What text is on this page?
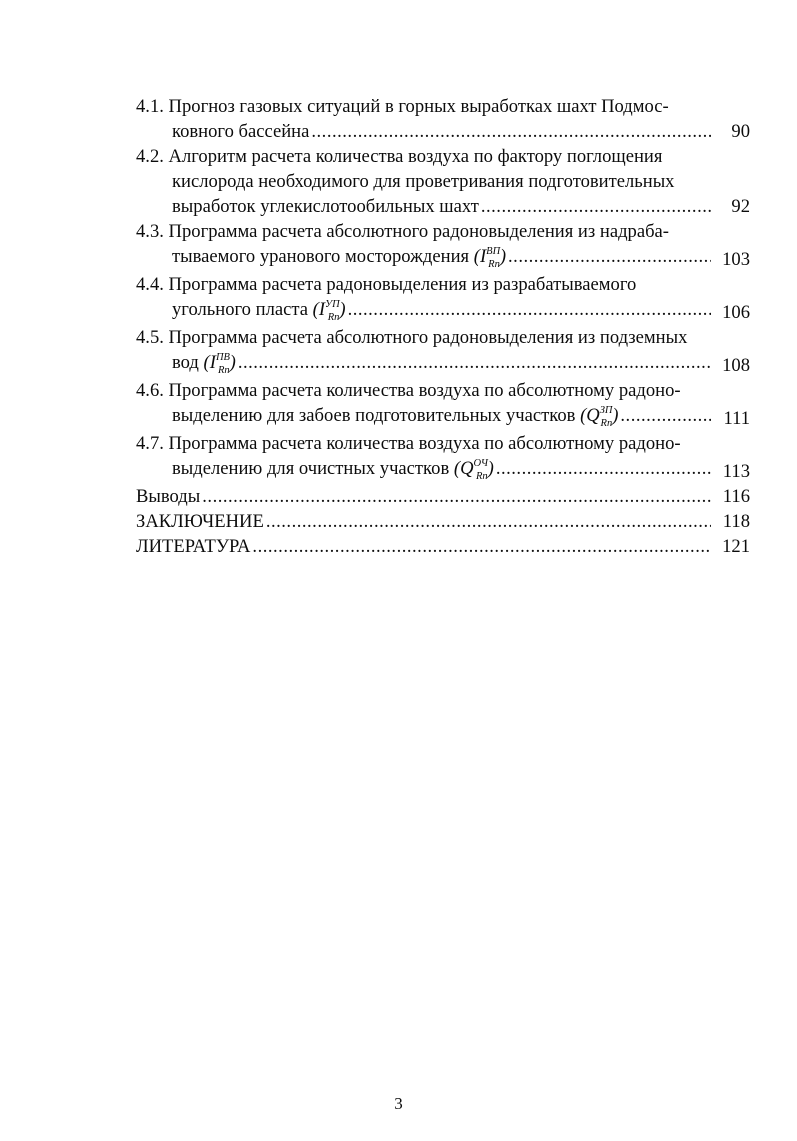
4.1. Прогноз газовых ситуаций в горных выработках шахт Подмос-
ковного бассейна .....	90
4.2. Алгоритм расчета количества воздуха по фактору поглощения
кислорода необходимого для проветривания подготовительных
выработок углекислотообильных шахт .....	92
4.3. Программа расчета абсолютного радоновыделения из надраба-
тываемого уранового мосторождения
$(I^{ВП}_{Rn})$ .....	103
4.4. Программа расчета радоновыделения из разрабатываемого
угольного пласта
$(I^{УП}_{Rn})$ .....	106
4.5. Программа расчета абсолютного радоновыделения из подземных
вод
$(I^{ПВ}_{Rn})$ .....	108
4.6. Программа расчета количества воздуха по абсолютному радоно-
выделению для забоев подготовительных участков
$(Q^{ЗП}_{Rn})$ .....	111
4.7. Программа расчета количества воздуха по абсолютному радоно-
выделению для очистных участков
$(Q^{ОЧ}_{Rn})$ .....	113
Выводы .....	116
ЗАКЛЮЧЕНИЕ .....	118
ЛИТЕРАТУРА .....	121
3
